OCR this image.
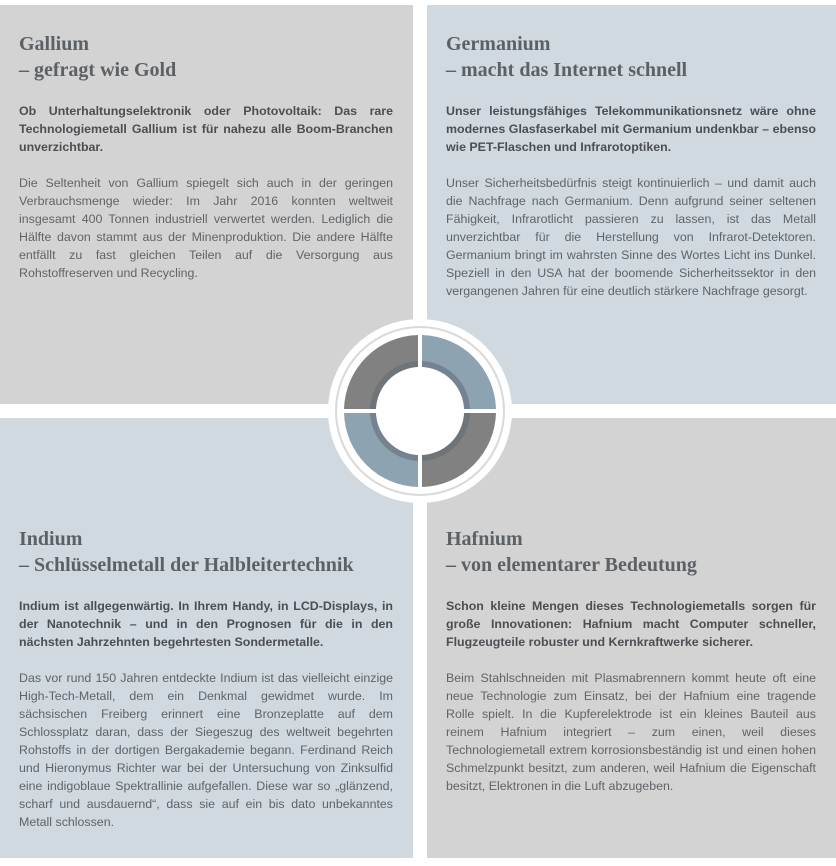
Gallium
– gefragt wie Gold

Ob Unterhaltungselektronik oder Photovoltaik: Das rare Technologiemetall Gallium ist für nahezu alle Boom-Branchen unverzichtbar.

Die Seltenheit von Gallium spiegelt sich auch in der geringen Verbrauchsmenge wieder: Im Jahr 2016 konnten weltweit insgesamt 400 Tonnen industriell verwertet werden. Lediglich die Hälfte davon stammt aus der Minenproduktion. Die andere Hälfte entfällt zu fast gleichen Teilen auf die Versorgung aus Rohstoffreserven und Recycling.

Germanium
– macht das Internet schnell

Unser leistungsfähiges Telekommunikationsnetz wäre ohne modernes Glasfaserkabel mit Germanium undenkbar – ebenso wie PET-Flaschen und Infrarotoptiken.

Unser Sicherheitsbedürfnis steigt kontinuierlich – und damit auch die Nachfrage nach Germanium. Denn aufgrund seiner seltenen Fähigkeit, Infrarotlicht passieren zu lassen, ist das Metall unverzichtbar für die Herstellung von Infrarot-Detektoren. Germanium bringt im wahrsten Sinne des Wortes Licht ins Dunkel. Speziell in den USA hat der boomende Sicherheitssektor in den vergangenen Jahren für eine deutlich stärkere Nachfrage gesorgt.

Indium
– Schlüsselmetall der Halbleitertechnik

Indium ist allgegenwärtig. In Ihrem Handy, in LCD-Displays, in der Nanotechnik – und in den Prognosen für die in den nächsten Jahrzehnten begehrtesten Sondermetalle.

Das vor rund 150 Jahren entdeckte Indium ist das vielleicht einzige High-Tech-Metall, dem ein Denkmal gewidmet wurde. Im sächsischen Freiberg erinnert eine Bronzeplatte auf dem Schlossplatz daran, dass der Siegeszug des weltweit begehrten Rohstoffs in der dortigen Bergakademie begann. Ferdinand Reich und Hieronymus Richter war bei der Untersuchung von Zinksulfid eine indigoblaue Spektrallinie aufgefallen. Diese war so „glänzend, scharf und ausdauernd“, dass sie auf ein bis dato unbekanntes Metall schlossen.

Hafnium
– von elementarer Bedeutung

Schon kleine Mengen dieses Technologiemetalls sorgen für große Innovationen: Hafnium macht Computer schneller, Flugzeugteile robuster und Kernkraftwerke sicherer.

Beim Stahlschneiden mit Plasmabrennern kommt heute oft eine neue Technologie zum Einsatz, bei der Hafnium eine tragende Rolle spielt. In die Kupferelektrode ist ein kleines Bauteil aus reinem Hafnium integriert – zum einen, weil dieses Technologiemetall extrem korrosionsbeständig ist und einen hohen Schmelzpunkt besitzt, zum anderen, weil Hafnium die Eigenschaft besitzt, Elektronen in die Luft abzugeben.
